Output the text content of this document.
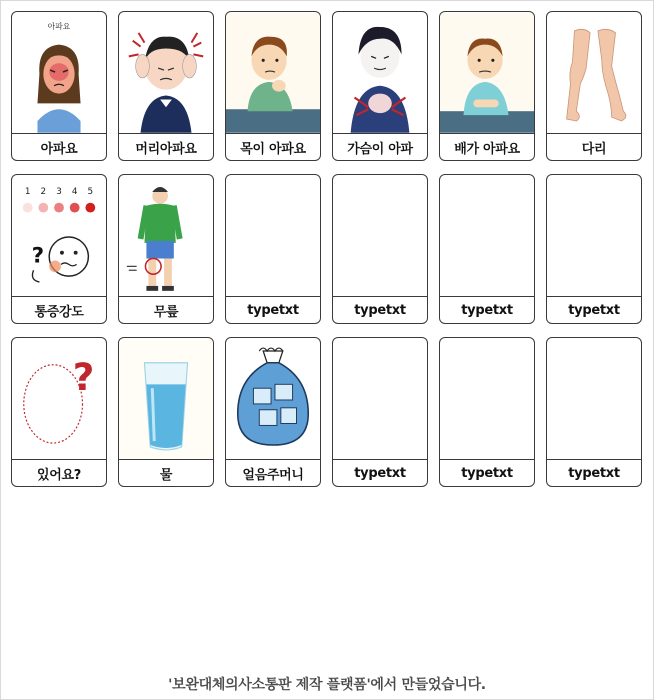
아파요
아파요	머리아파요	목이 아파요	가슴이 아파	배가 아파요	다리
1 2 3 4 5
?
통증강도	무릎	typetxt	typetxt	typetxt	typetxt
?
있어요?	물	얼음주머니	typetxt	typetxt	typetxt
'보완대체의사소통판 제작 플랫폼'에서 만들었습니다.
